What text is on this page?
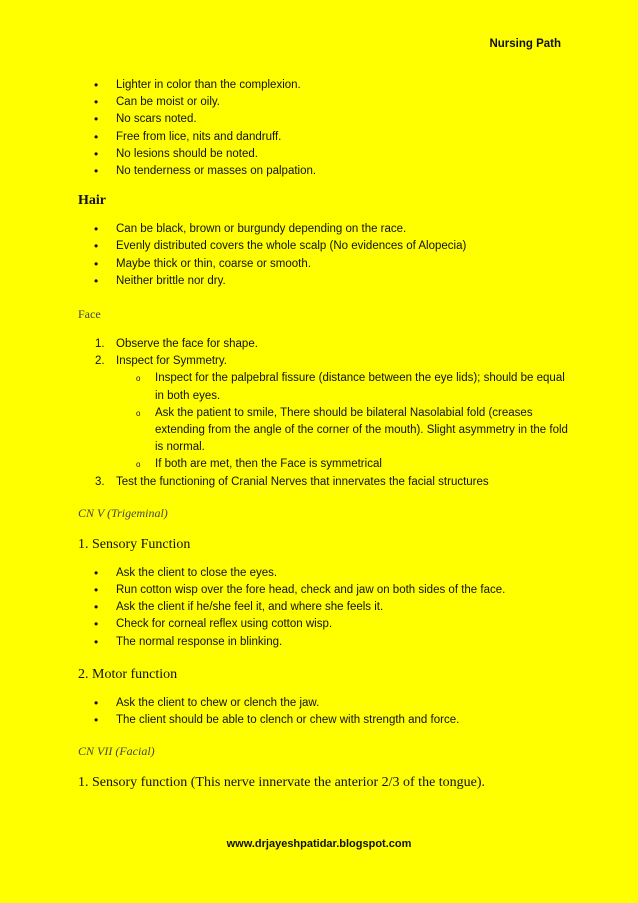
Nursing Path
• Lighter in color than the complexion.
• Can be moist or oily.
• No scars noted.
• Free from lice, nits and dandruff.
• No lesions should be noted.
• No tenderness or masses on palpation.
Hair
• Can be black, brown or burgundy depending on the race.
• Evenly distributed covers the whole scalp (No evidences of Alopecia)
• Maybe thick or thin, coarse or smooth.
• Neither brittle nor dry.
Face
1. Observe the face for shape.
2. Inspect for Symmetry.
o Inspect for the palpebral fissure (distance between the eye lids); should be equal in both eyes.
o Ask the patient to smile, There should be bilateral Nasolabial fold (creases extending from the angle of the corner of the mouth). Slight asymmetry in the fold is normal.
o If both are met, then the Face is symmetrical
3. Test the functioning of Cranial Nerves that innervates the facial structures
CN V (Trigeminal)
1. Sensory Function
• Ask the client to close the eyes.
• Run cotton wisp over the fore head, check and jaw on both sides of the face.
• Ask the client if he/she feel it, and where she feels it.
• Check for corneal reflex using cotton wisp.
• The normal response in blinking.
2. Motor function
• Ask the client to chew or clench the jaw.
• The client should be able to clench or chew with strength and force.
CN VII (Facial)
1. Sensory function (This nerve innervate the anterior 2/3 of the tongue).
www.drjayeshpatidar.blogspot.com
